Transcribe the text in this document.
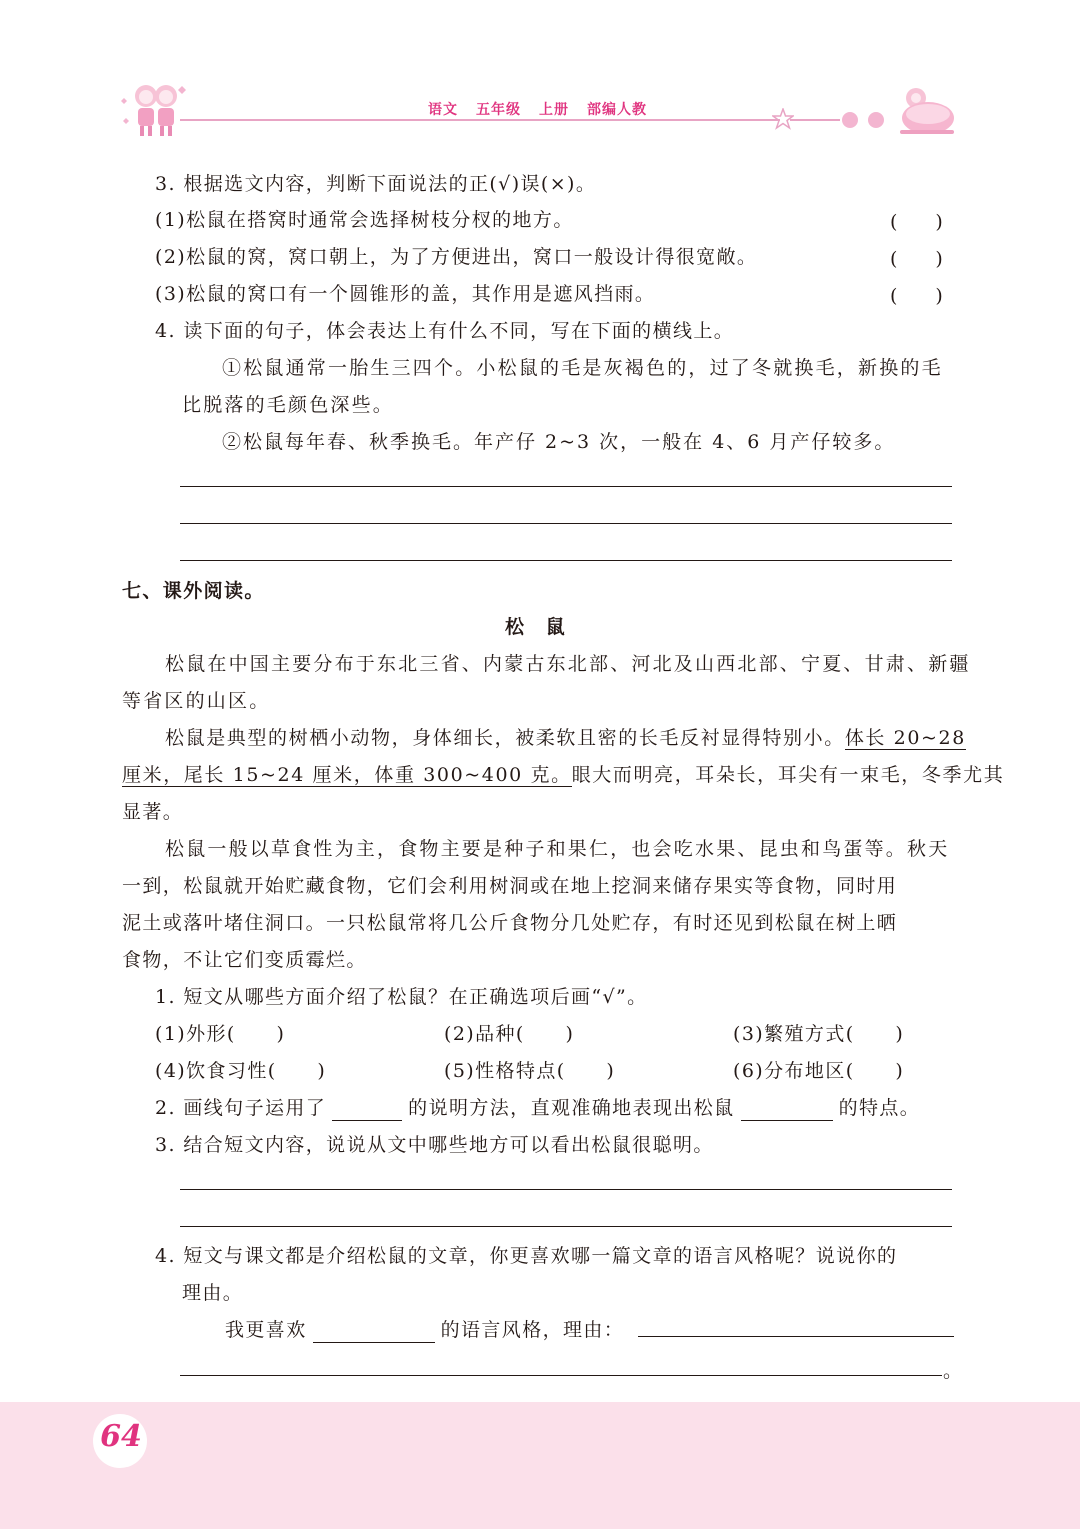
语文 五年级 上册 部编人教
3. 根据选文内容，判断下面说法的正(√)误(×)。
(1)松鼠在搭窝时通常会选择树枝分杈的地方。	(　　)
(2)松鼠的窝，窝口朝上，为了方便进出，窝口一般设计得很宽敞。	(　　)
(3)松鼠的窝口有一个圆锥形的盖，其作用是遮风挡雨。	(　　)
4. 读下面的句子，体会表达上有什么不同，写在下面的横线上。
①松鼠通常一胎生三四个。小松鼠的毛是灰褐色的，过了冬就换毛，新换的毛
比脱落的毛颜色深些。
②松鼠每年春、秋季换毛。年产仔 2~3 次，一般在 4、6 月产仔较多。
七、课外阅读。
松　鼠
松鼠在中国主要分布于东北三省、内蒙古东北部、河北及山西北部、宁夏、甘肃、新疆
等省区的山区。
松鼠是典型的树栖小动物，身体细长，被柔软且密的长毛反衬显得特别小。体长 20~28
厘米，尾长 15~24 厘米，体重 300~400 克。眼大而明亮，耳朵长，耳尖有一束毛，冬季尤其
显著。
松鼠一般以草食性为主，食物主要是种子和果仁，也会吃水果、昆虫和鸟蛋等。秋天
一到，松鼠就开始贮藏食物，它们会利用树洞或在地上挖洞来储存果实等食物，同时用
泥土或落叶堵住洞口。一只松鼠常将几公斤食物分几处贮存，有时还见到松鼠在树上晒
食物，不让它们变质霉烂。
1. 短文从哪些方面介绍了松鼠？在正确选项后画“√”。
(1)外形(　　)	(2)品种(　　)	(3)繁殖方式(　　)
(4)饮食习性(　　)	(5)性格特点(　　)	(6)分布地区(　　)
2. 画线句子运用了	的说明方法，直观准确地表现出松鼠	的特点。
3. 结合短文内容，说说从文中哪些地方可以看出松鼠很聪明。
4. 短文与课文都是介绍松鼠的文章，你更喜欢哪一篇文章的语言风格呢？说说你的
理由。
我更喜欢	的语言风格，理由：
。
64
